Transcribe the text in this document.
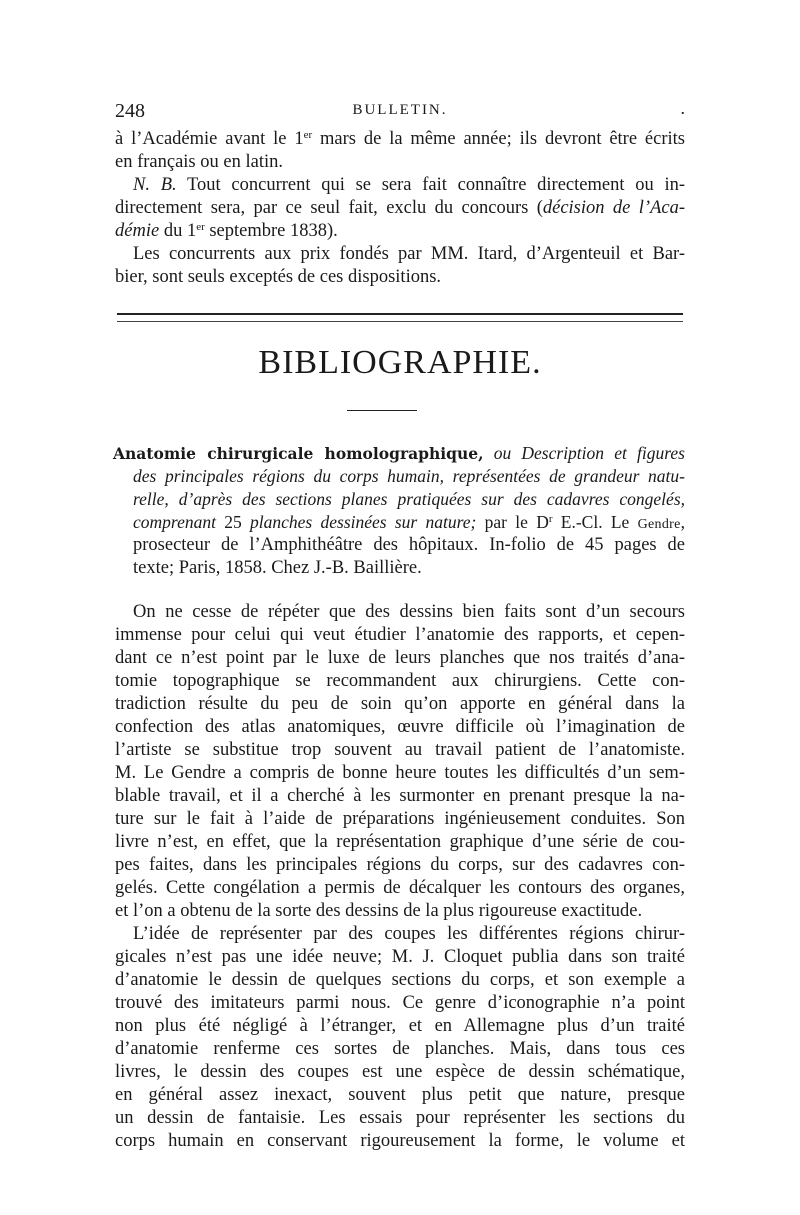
248	BULLETIN.	.
à l’Académie avant le 1er mars de la même année; ils devront être écrits
en français ou en latin.
N. B. Tout concurrent qui se sera fait connaître directement ou in-
directement sera, par ce seul fait, exclu du concours (décision de l’Aca-
démie du 1er septembre 1838).
Les concurrents aux prix fondés par MM. Itard, d’Argenteuil et Bar-
bier, sont seuls exceptés de ces dispositions.
BIBLIOGRAPHIE.
Anatomie chirurgicale homolographique, ou Description et figures
des principales régions du corps humain, représentées de grandeur natu-
relle, d’après des sections planes pratiquées sur des cadavres congelés,
comprenant 25 planches dessinées sur nature; par le $D^r$ E.-Cl. Le Gendre,
prosecteur de l’Amphithéâtre des hôpitaux. In-folio de 45 pages de
texte; Paris, 1858. Chez J.-B. Baillière.
On ne cesse de répéter que des dessins bien faits sont d’un secours
immense pour celui qui veut étudier l’anatomie des rapports, et cepen-
dant ce n’est point par le luxe de leurs planches que nos traités d’ana-
tomie topographique se recommandent aux chirurgiens. Cette con-
tradiction résulte du peu de soin qu’on apporte en général dans la
confection des atlas anatomiques, œuvre difficile où l’imagination de
l’artiste se substitue trop souvent au travail patient de l’anatomiste.
M. Le Gendre a compris de bonne heure toutes les difficultés d’un sem-
blable travail, et il a cherché à les surmonter en prenant presque la na-
ture sur le fait à l’aide de préparations ingénieusement conduites. Son
livre n’est, en effet, que la représentation graphique d’une série de cou-
pes faites, dans les principales régions du corps, sur des cadavres con-
gelés. Cette congélation a permis de décalquer les contours des organes,
et l’on a obtenu de la sorte des dessins de la plus rigoureuse exactitude.
L’idée de représenter par des coupes les différentes régions chirur-
gicales n’est pas une idée neuve; M. J. Cloquet publia dans son traité
d’anatomie le dessin de quelques sections du corps, et son exemple a
trouvé des imitateurs parmi nous. Ce genre d’iconographie n’a point
non plus été négligé à l’étranger, et en Allemagne plus d’un traité
d’anatomie renferme ces sortes de planches. Mais, dans tous ces
livres, le dessin des coupes est une espèce de dessin schématique,
en général assez inexact, souvent plus petit que nature, presque
un dessin de fantaisie. Les essais pour représenter les sections du
corps humain en conservant rigoureusement la forme, le volume et
